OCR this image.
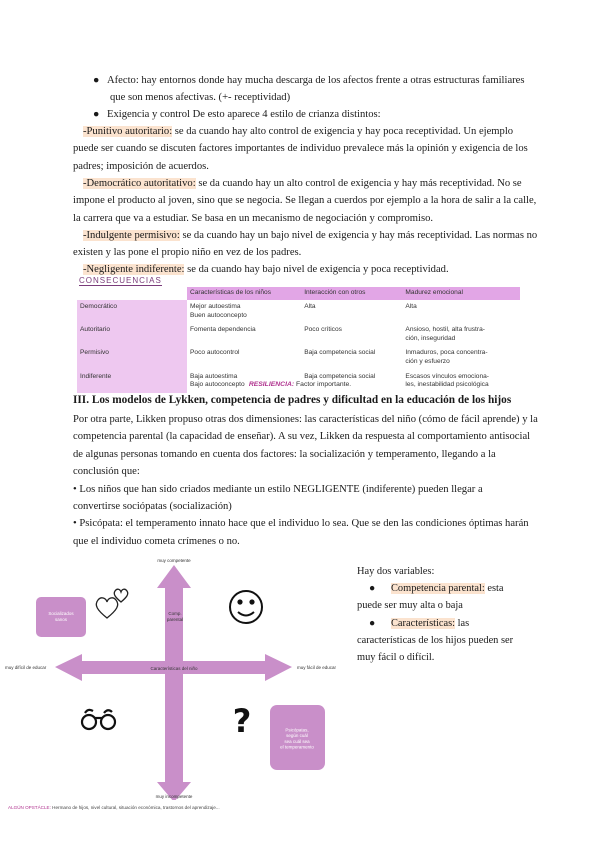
● Afecto: hay entornos donde hay mucha descarga de los afectos frente a otras estructuras familiares
que son menos afectivas. (+- receptividad)
● Exigencia y control De esto aparece 4 estilo de crianza distintos:

-Punitivo autoritario: se da cuando hay alto control de exigencia y hay poca receptividad. Un ejemplo

puede ser cuando se discuten factores importantes de individuo prevalece más la opinión y exigencia de los

padres; imposición de acuerdos.

-Democrático autoritativo: se da cuando hay un alto control de exigencia y hay más receptividad. No se

impone el producto al joven, sino que se negocia. Se llegan a cuerdos por ejemplo a la hora de salir a la calle,

la carrera que va a estudiar. Se basa en un mecanismo de negociación y compromiso.

-Indulgente permisivo: se da cuando hay un bajo nivel de exigencia y hay más receptividad. Las normas no

existen y las pone el propio niño en vez de los padres.

-Negligente indiferente: se da cuando hay bajo nivel de exigencia y poca receptividad.

CONSECUENCIAS
	Características de los niños	Interacción con otros	Madurez emocional
Democrático	Mejor autoestima
Buen autoconcepto	Alta	Alta
Autoritario	Fomenta dependencia	Poco críticos	Ansioso, hostil, alta frustra-
ción, inseguridad
Permisivo	Poco autocontrol	Baja competencia social	Inmaduros, poca concentra-
ción y esfuerzo
Indiferente	Baja autoestima
Bajo autoconcepto	Baja competencia social	Escasos vínculos emociona-
les, inestabilidad psicológica
RESILIENCIA: Factor importante.
III. Los modelos de Lykken, competencia de padres y dificultad en la educación de los hijos

Por otra parte, Likken propuso otras dos dimensiones: las características del niño (cómo de fácil aprende) y la

competencia parental (la capacidad de enseñar). A su vez, Likken da respuesta al comportamiento antisocial

de algunas personas tomando en cuenta dos factores: la socialización y temperamento, llegando a la

conclusión que:

• Los niños que han sido criados mediante un estilo NEGLIGENTE (indiferente) pueden llegar a

convertirse sociópatas (socialización)

• Psicópata: el temperamento innato hace que el individuo lo sea. Que se den las condiciones óptimas harán

que el individuo cometa crímenes o no.

muy competente
muy incompetente
muy difícil de educar	muy fácil de educar
Características del niño
Comp. parental
Socializados sanos
Psicópatas, según cuál sea cuál sea el temperamento
?

Hay dos variables:

● Competencia parental: esta puede ser muy alta o baja
● Características: las características de los hijos pueden ser muy fácil o difícil.
ALGÚN OPSTÁCLE: Hermano de hijos, nivel cultural, situación económica, trastornos del aprendizaje...
